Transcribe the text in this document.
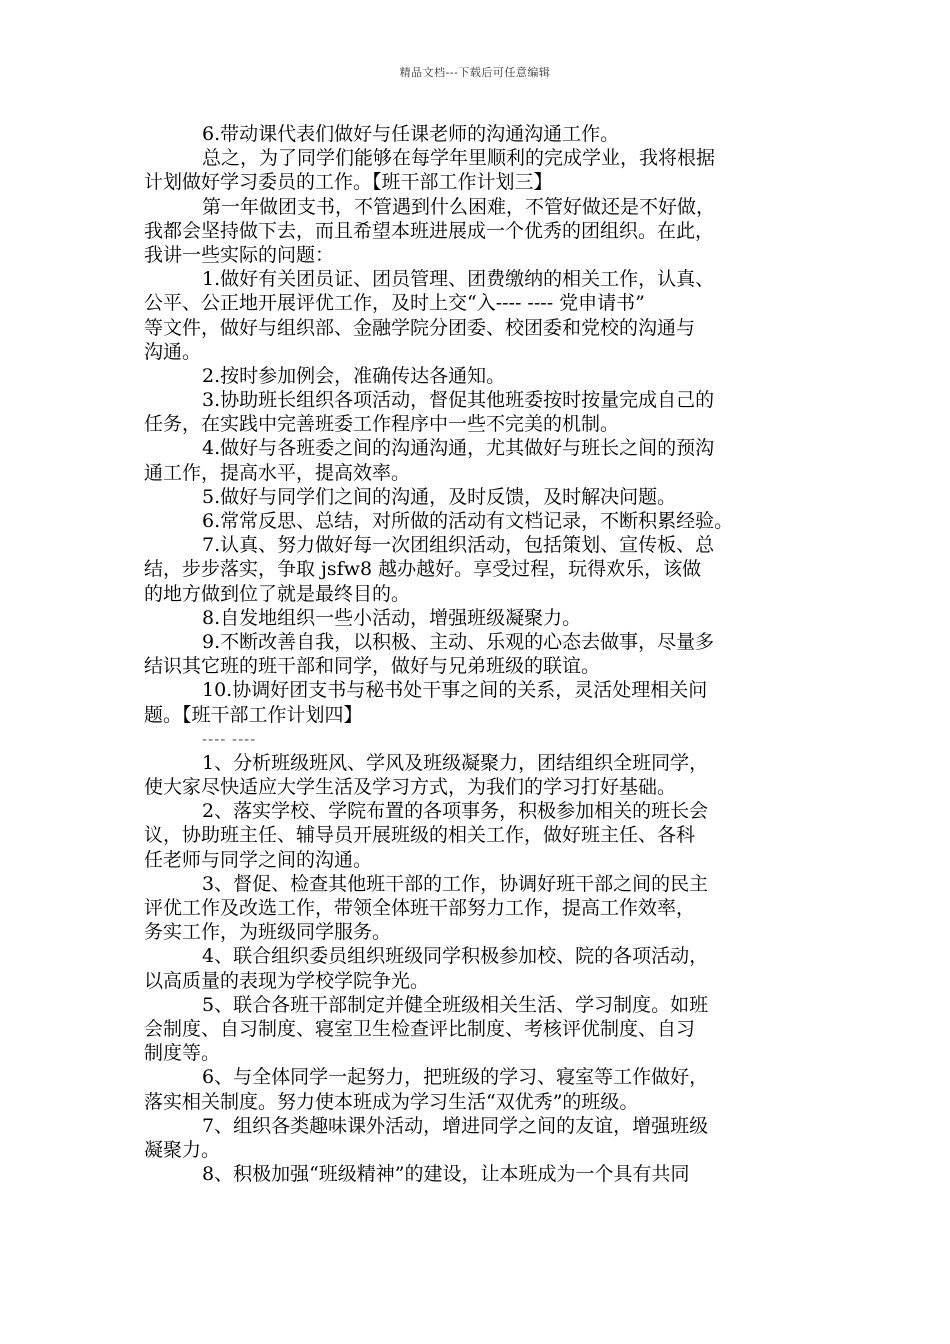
精品文档---下载后可任意编辑
6.带动课代表们做好与任课老师的沟通沟通工作。
总之，为了同学们能够在每学年里顺利的完成学业，我将根据
计划做好学习委员的工作。【班干部工作计划三】
第一年做团支书，不管遇到什么困难，不管好做还是不好做，
我都会坚持做下去，而且希望本班进展成一个优秀的团组织。在此，
我讲一些实际的问题：
1.做好有关团员证、团员管理、团费缴纳的相关工作，认真、
公平、公正地开展评优工作，及时上交“入---- ---- 党申请书”
等文件，做好与组织部、金融学院分团委、校团委和党校的沟通与
沟通。
2.按时参加例会，准确传达各通知。
3.协助班长组织各项活动，督促其他班委按时按量完成自己的
任务，在实践中完善班委工作程序中一些不完美的机制。
4.做好与各班委之间的沟通沟通，尤其做好与班长之间的预沟
通工作，提高水平，提高效率。
5.做好与同学们之间的沟通，及时反馈，及时解决问题。
6.常常反思、总结，对所做的活动有文档记录，不断积累经验。
7.认真、努力做好每一次团组织活动，包括策划、宣传板、总
结，步步落实，争取 jsfw8 越办越好。享受过程，玩得欢乐，该做
的地方做到位了就是最终目的。
8.自发地组织一些小活动，增强班级凝聚力。
9.不断改善自我，以积极、主动、乐观的心态去做事，尽量多
结识其它班的班干部和同学，做好与兄弟班级的联谊。
10.协调好团支书与秘书处干事之间的关系，灵活处理相关问
题。【班干部工作计划四】
---- ----
1、分析班级班风、学风及班级凝聚力，团结组织全班同学，
使大家尽快适应大学生活及学习方式，为我们的学习打好基础。
2、落实学校、学院布置的各项事务，积极参加相关的班长会
议，协助班主任、辅导员开展班级的相关工作，做好班主任、各科
任老师与同学之间的沟通。
3、督促、检查其他班干部的工作，协调好班干部之间的民主
评优工作及改选工作，带领全体班干部努力工作，提高工作效率，
务实工作，为班级同学服务。
4、联合组织委员组织班级同学积极参加校、院的各项活动，
以高质量的表现为学校学院争光。
5、联合各班干部制定并健全班级相关生活、学习制度。如班
会制度、自习制度、寝室卫生检查评比制度、考核评优制度、自习
制度等。
6、与全体同学一起努力，把班级的学习、寝室等工作做好，
落实相关制度。努力使本班成为学习生活“双优秀”的班级。
7、组织各类趣味课外活动，增进同学之间的友谊，增强班级
凝聚力。
8、积极加强“班级精神”的建设，让本班成为一个具有共同
